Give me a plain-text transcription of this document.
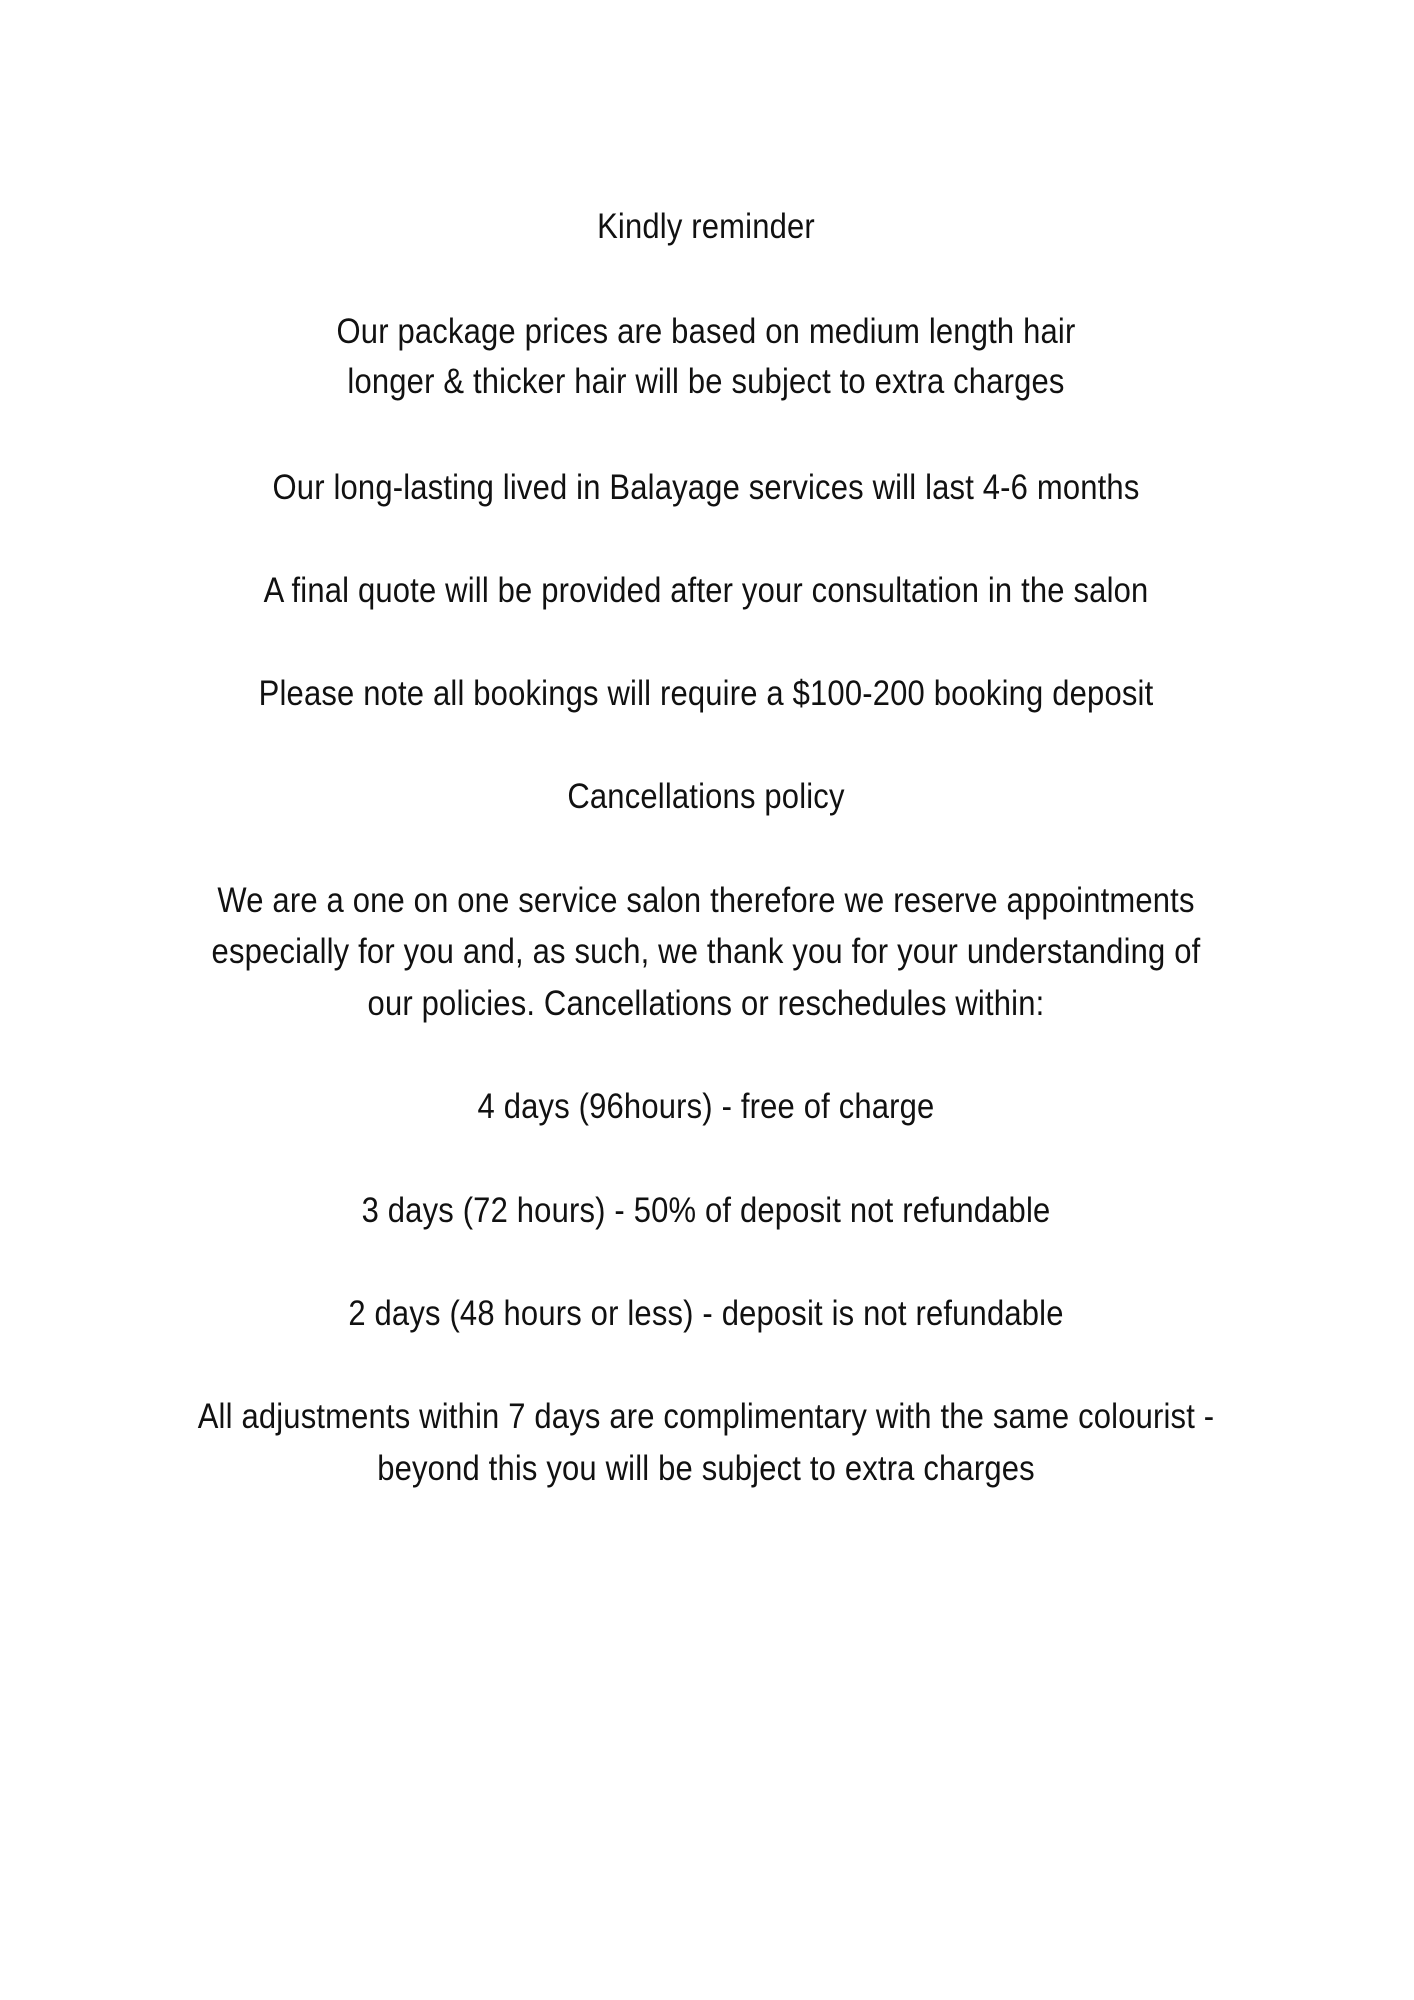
Kindly reminder
Our package prices are based on medium length hair
longer & thicker hair will be subject to extra charges
Our long-lasting lived in Balayage services will last 4-6 months
A final quote will be provided after your consultation in the salon
Please note all bookings will require a $100-200 booking deposit
Cancellations policy
We are a one on one service salon therefore we reserve appointments
especially for you and, as such, we thank you for your understanding of
our policies. Cancellations or reschedules within:
4 days (96hours) - free of charge
3 days (72 hours) - 50% of deposit not refundable
2 days (48 hours or less) - deposit is not refundable
All adjustments within 7 days are complimentary with the same colourist -
beyond this you will be subject to extra charges
